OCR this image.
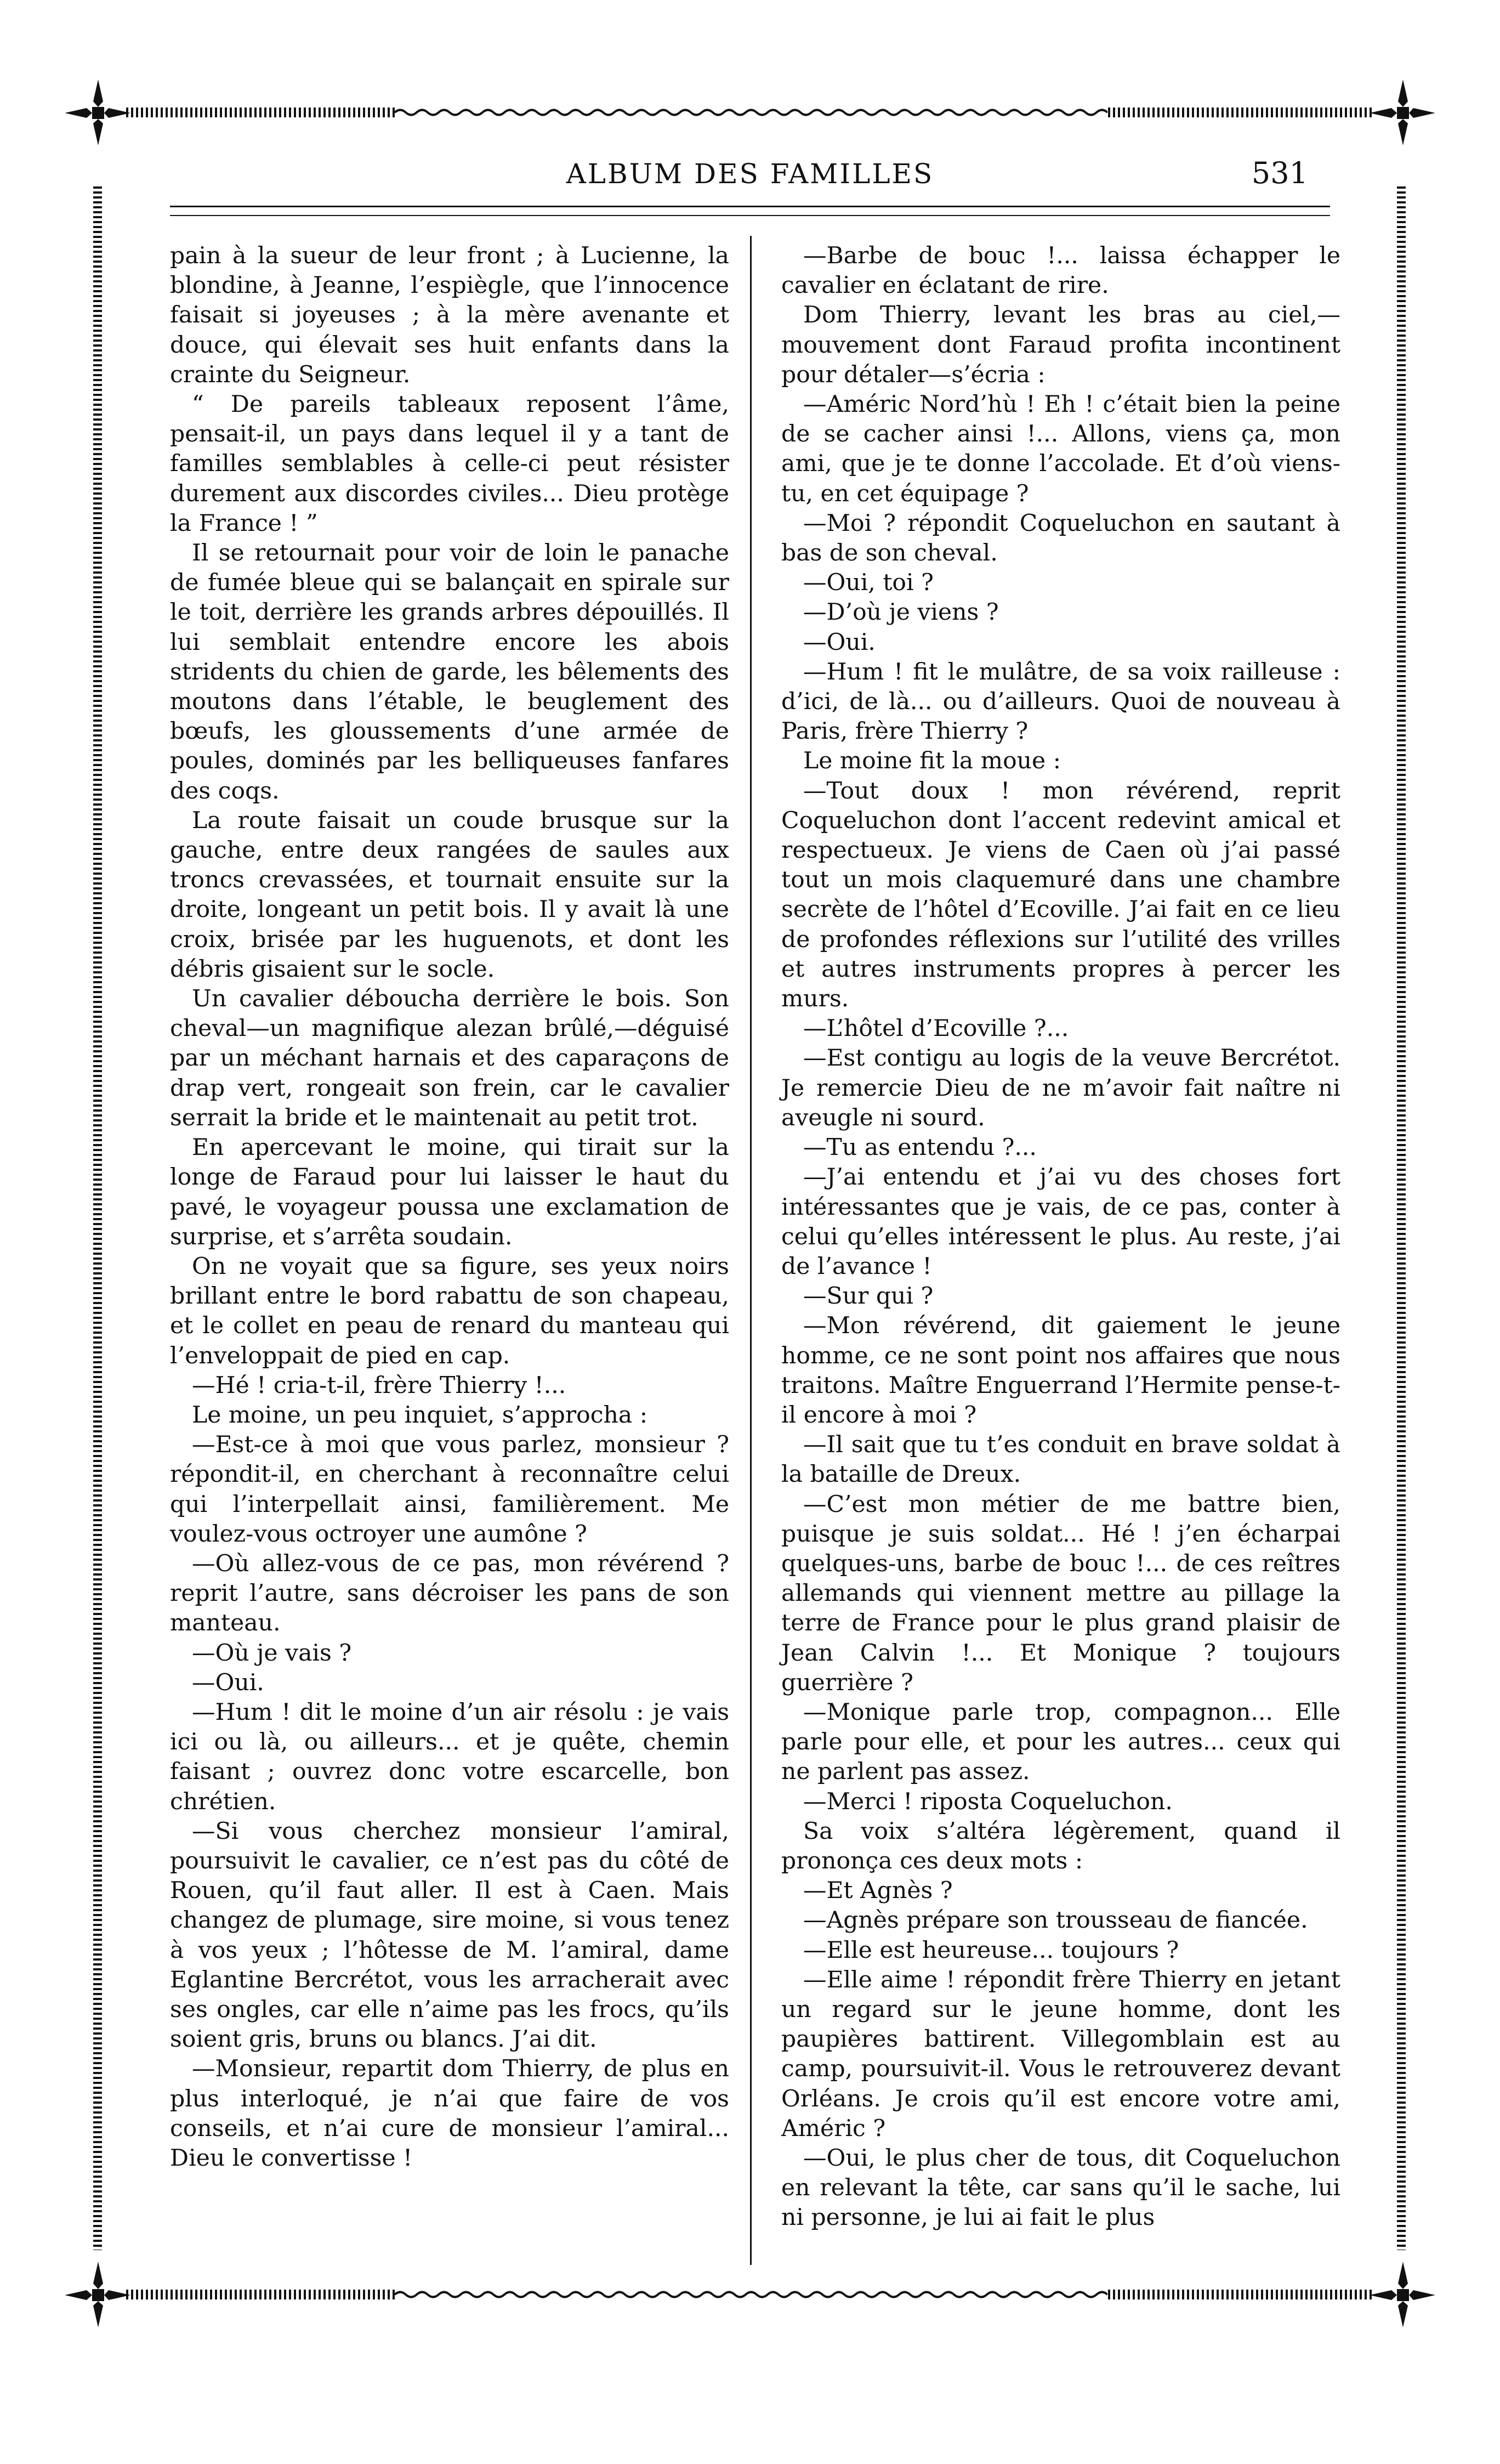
ALBUM DES FAMILLES	531

pain à la sueur de leur front ; à Lucienne, la blondine, à Jeanne, l’espiègle, que l’innocence faisait si joyeuses ; à la mère avenante et douce, qui élevait ses huit enfants dans la crainte du Seigneur.

“ De pareils tableaux reposent l’âme, pensait-il, un pays dans lequel il y a tant de familles semblables à celle-ci peut résister durement aux discordes civiles... Dieu protège la France ! ”

Il se retournait pour voir de loin le panache de fumée bleue qui se balançait en spirale sur le toit, derrière les grands arbres dépouillés. Il lui semblait entendre encore les abois stridents du chien de garde, les bêlements des moutons dans l’étable, le beuglement des bœufs, les gloussements d’une armée de poules, dominés par les belliqueuses fanfares des coqs.

La route faisait un coude brusque sur la gauche, entre deux rangées de saules aux troncs crevassées, et tournait ensuite sur la droite, longeant un petit bois. Il y avait là une croix, brisée par les huguenots, et dont les débris gisaient sur le socle.

Un cavalier débouchа derrière le bois. Son cheval—un magnifique alezan brûlé,—déguisé par un méchant harnais et des caparaçons de drap vert, rongeait son frein, car le cavalier serrait la bride et le maintenait au petit trot.

En apercevant le moine, qui tirait sur la longe de Faraud pour lui laisser le haut du pavé, le voyageur poussa une exclamation de surprise, et s’arrêta soudain.

On ne voyait que sa figure, ses yeux noirs brillant entre le bord rabattu de son chapeau, et le collet en peau de renard du manteau qui l’enveloppait de pied en cap.

—Hé ! cria-t-il, frère Thierry !...

Le moine, un peu inquiet, s’approcha :

—Est-ce à moi que vous parlez, monsieur ? répondit-il, en cherchant à reconnaître celui qui l’interpellait ainsi, familièrement. Me voulez-vous octroyer une aumône ?

—Où allez-vous de ce pas, mon révérend ? reprit l’autre, sans décroiser les pans de son manteau.

—Où je vais ?

—Oui.

—Hum ! dit le moine d’un air résolu : je vais ici ou là, ou ailleurs... et je quête, chemin faisant ; ouvrez donc votre escarcelle, bon chrétien.

—Si vous cherchez monsieur l’amiral, poursuivit le cavalier, ce n’est pas du côté de Rouen, qu’il faut aller. Il est à Caen. Mais changez de plumage, sire moine, si vous tenez à vos yeux ; l’hôtesse de M. l’amiral, dame Eglantine Bercrétot, vous les arracherait avec ses ongles, car elle n’aime pas les frocs, qu’ils soient gris, bruns ou blancs. J’ai dit.

—Monsieur, repartit dom Thierry, de plus en plus interloqué, je n’ai que faire de vos conseils, et n’ai cure de monsieur l’amiral... Dieu le convertisse !

—Barbe de bouc !... laissa échapper le cavalier en éclatant de rire.

Dom Thierry, levant les bras au ciel,—mouvement dont Faraud profita incontinent pour détaler—s’écria :

—Améric Nord’hù ! Eh ! c’était bien la peine de se cacher ainsi !... Allons, viens ça, mon ami, que je te donne l’accolade. Et d’où viens-tu, en cet équipage ?

—Moi ? répondit Coqueluchon en sautant à bas de son cheval.

—Oui, toi ?

—D’où je viens ?

—Oui.

—Hum ! fit le mulâtre, de sa voix railleuse : d’ici, de là... ou d’ailleurs. Quoi de nouveau à Paris, frère Thierry ?

Le moine fit la moue :

—Tout doux ! mon révérend, reprit Coqueluchon dont l’accent redevint amical et respectueux. Je viens de Caen où j’ai passé tout un mois claquemuré dans une chambre secrète de l’hôtel d’Ecoville. J’ai fait en ce lieu de profondes réflexions sur l’utilité des vrilles et autres instruments propres à percer les murs.

—L’hôtel d’Ecoville ?...

—Est contigu au logis de la veuve Bercrétot. Je remercie Dieu de ne m’avoir fait naître ni aveugle ni sourd.

—Tu as entendu ?...

—J’ai entendu et j’ai vu des choses fort intéressantes que je vais, de ce pas, conter à celui qu’elles intéressent le plus. Au reste, j’ai de l’avance !

—Sur qui ?

—Mon révérend, dit gaiement le jeune homme, ce ne sont point nos affaires que nous traitons. Maître Enguerrand l’Hermite pense-t-il encore à moi ?

—Il sait que tu t’es conduit en brave soldat à la bataille de Dreux.

—C’est mon métier de me battre bien, puisque je suis soldat... Hé ! j’en écharpai quelques-uns, barbe de bouc !... de ces reîtres allemands qui viennent mettre au pillage la terre de France pour le plus grand plaisir de Jean Calvin !... Et Monique ? toujours guerrière ?

—Monique parle trop, compagnon... Elle parle pour elle, et pour les autres... ceux qui ne parlent pas assez.

—Merci ! riposta Coqueluchon.

Sa voix s’altéra légèrement, quand il prononça ces deux mots :

—Et Agnès ?

—Agnès prépare son trousseau de fiancée.

—Elle est heureuse... toujours ?

—Elle aime ! répondit frère Thierry en jetant un regard sur le jeune homme, dont les paupières battirent. Villegomblain est au camp, poursuivit-il. Vous le retrouverez devant Orléans. Je crois qu’il est encore votre ami, Améric ?

—Oui, le plus cher de tous, dit Coqueluchon en relevant la tête, car sans qu’il le sache, lui ni personne, je lui ai fait le plus
